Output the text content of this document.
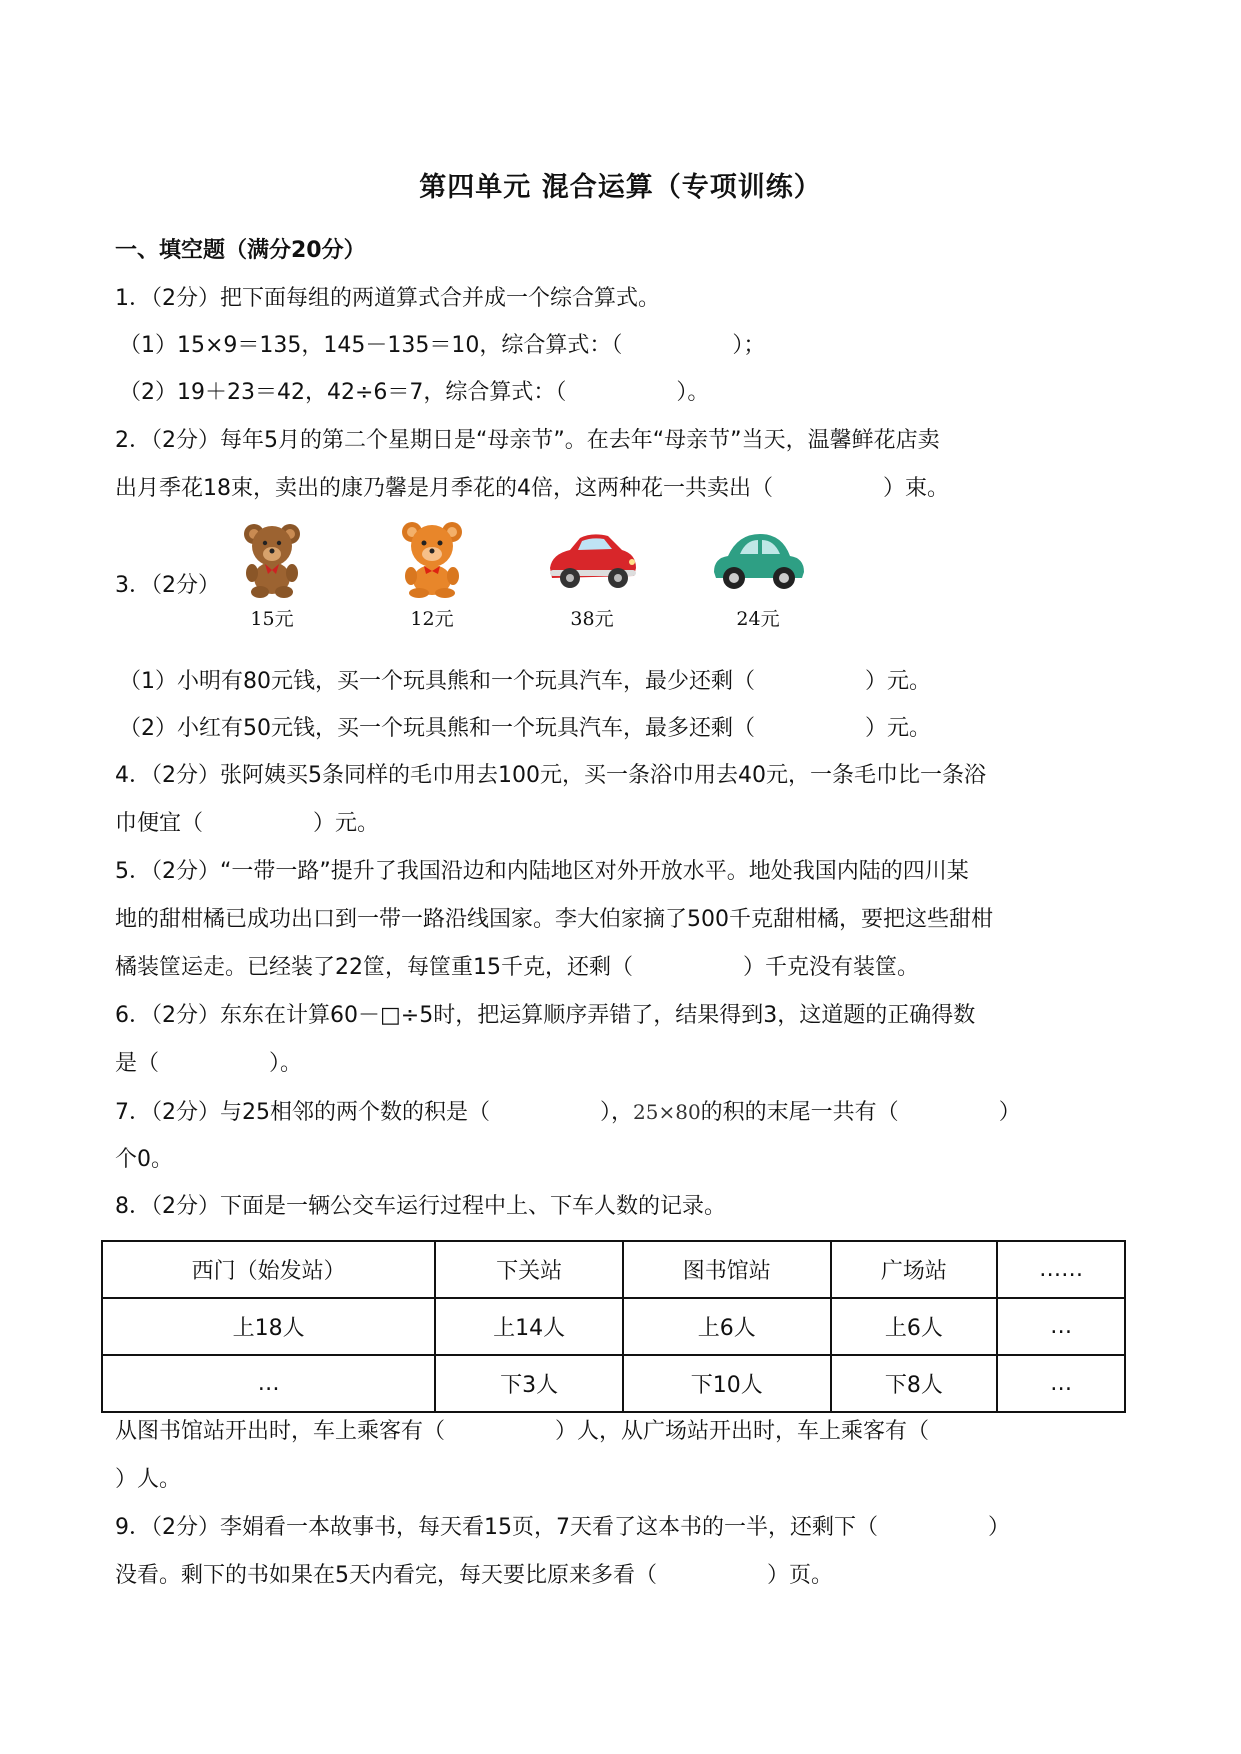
第四单元 混合运算（专项训练）
一、填空题（满分20分）
1．（2分）把下面每组的两道算式合并成一个综合算式。
（1）15×9＝135，145－135＝10，综合算式：（	）；
（2）19＋23＝42，42÷6＝7，综合算式：（	）。
2．（2分）每年5月的第二个星期日是“母亲节”。在去年“母亲节”当天，温馨鲜花店卖
出月季花18束，卖出的康乃馨是月季花的4倍，这两种花一共卖出（	）束。
3．（2分）
15元	12元	38元	24元
（1）小明有80元钱，买一个玩具熊和一个玩具汽车，最少还剩（	）元。
（2）小红有50元钱，买一个玩具熊和一个玩具汽车，最多还剩（	）元。
4．（2分）张阿姨买5条同样的毛巾用去100元，买一条浴巾用去40元，一条毛巾比一条浴
巾便宜（	）元。
5．（2分）“一带一路”提升了我国沿边和内陆地区对外开放水平。地处我国内陆的四川某
地的甜柑橘已成功出口到一带一路沿线国家。李大伯家摘了500千克甜柑橘，要把这些甜柑
橘装筐运走。已经装了22筐，每筐重15千克，还剩（	）千克没有装筐。
6．（2分）东东在计算60－□÷5时，把运算顺序弄错了，结果得到3，这道题的正确得数
是（	）。
7．（2分）与25相邻的两个数的积是（	），25×80的积的末尾一共有（	）
个0。
8．（2分）下面是一辆公交车运行过程中上、下车人数的记录。
西门（始发站）	下关站	图书馆站	广场站	……
上18人	上14人	上6人	上6人	…
…	下3人	下10人	下8人	…
从图书馆站开出时，车上乘客有（	）人，从广场站开出时，车上乘客有（
）人。
9．（2分）李娟看一本故事书，每天看15页，7天看了这本书的一半，还剩下（	）
没看。剩下的书如果在5天内看完，每天要比原来多看（	）页。
